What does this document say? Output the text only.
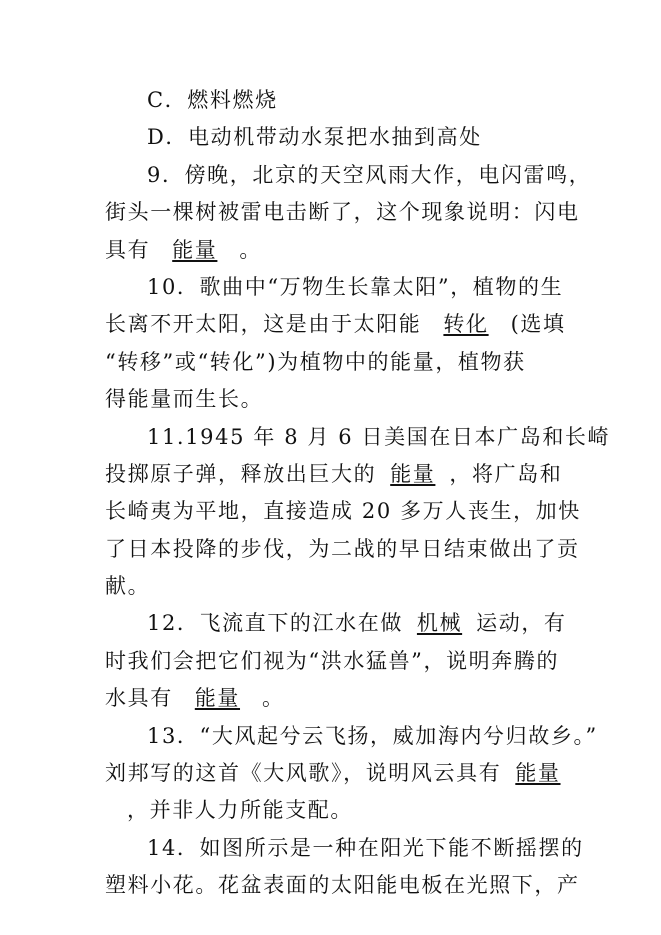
C．燃料燃烧
D．电动机带动水泵把水抽到高处
9．傍晚，北京的天空风雨大作，电闪雷鸣，
街头一棵树被雷电击断了，这个现象说明：闪电
具有 能量 。
10．歌曲中“万物生长靠太阳”，植物的生
长离不开太阳，这是由于太阳能 转化 (选填
“转移”或“转化”)为植物中的能量，植物获
得能量而生长。
11.1945 年 8 月 6 日美国在日本广岛和长崎
投掷原子弹，释放出巨大的 能量 ，将广岛和
长崎夷为平地，直接造成 20 多万人丧生，加快
了日本投降的步伐，为二战的早日结束做出了贡
献。
12．飞流直下的江水在做 机械 运动，有
时我们会把它们视为“洪水猛兽”，说明奔腾的
水具有 能量 。
13．“大风起兮云飞扬，威加海内兮归故乡。”
刘邦写的这首《大风歌》，说明风云具有 能量
，并非人力所能支配。
14．如图所示是一种在阳光下能不断摇摆的
塑料小花。花盆表面的太阳能电板在光照下，产
